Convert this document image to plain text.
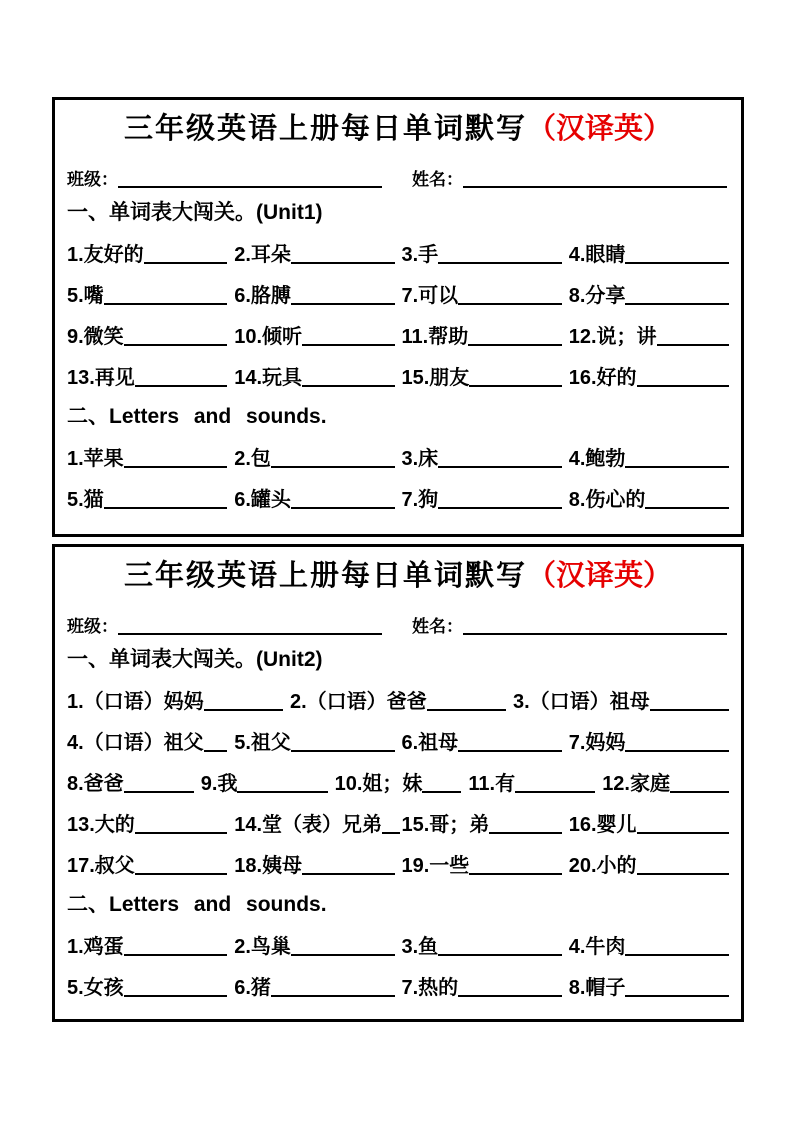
三年级英语上册每日单词默写（汉译英）
班级：	姓名：
一、单词表大闯关。(Unit1)
1.友好的	2.耳朵	3.手	4.眼睛
5.嘴	6.胳膊	7.可以	8.分享
9.微笑	10.倾听	11.帮助	12.说；讲
13.再见	14.玩具	15.朋友	16.好的
二、Letters and sounds.
1.苹果	2.包	3.床	4.鲍勃
5.猫	6.罐头	7.狗	8.伤心的
三年级英语上册每日单词默写（汉译英）
班级：	姓名：
一、单词表大闯关。(Unit2)
1.（口语）妈妈	2.（口语）爸爸	3.（口语）祖母
4.（口语）祖父 5.祖父	6.祖母	7.妈妈
8.爸爸	9.我	10.姐；妹 11.有	12.家庭
13.大的	14.堂（表）兄弟 15.哥；弟	16.婴儿
17.叔父	18.姨母	19.一些	20.小的
二、Letters and sounds.
1.鸡蛋	2.鸟巢	3.鱼	4.牛肉
5.女孩	6.猪	7.热的	8.帽子
